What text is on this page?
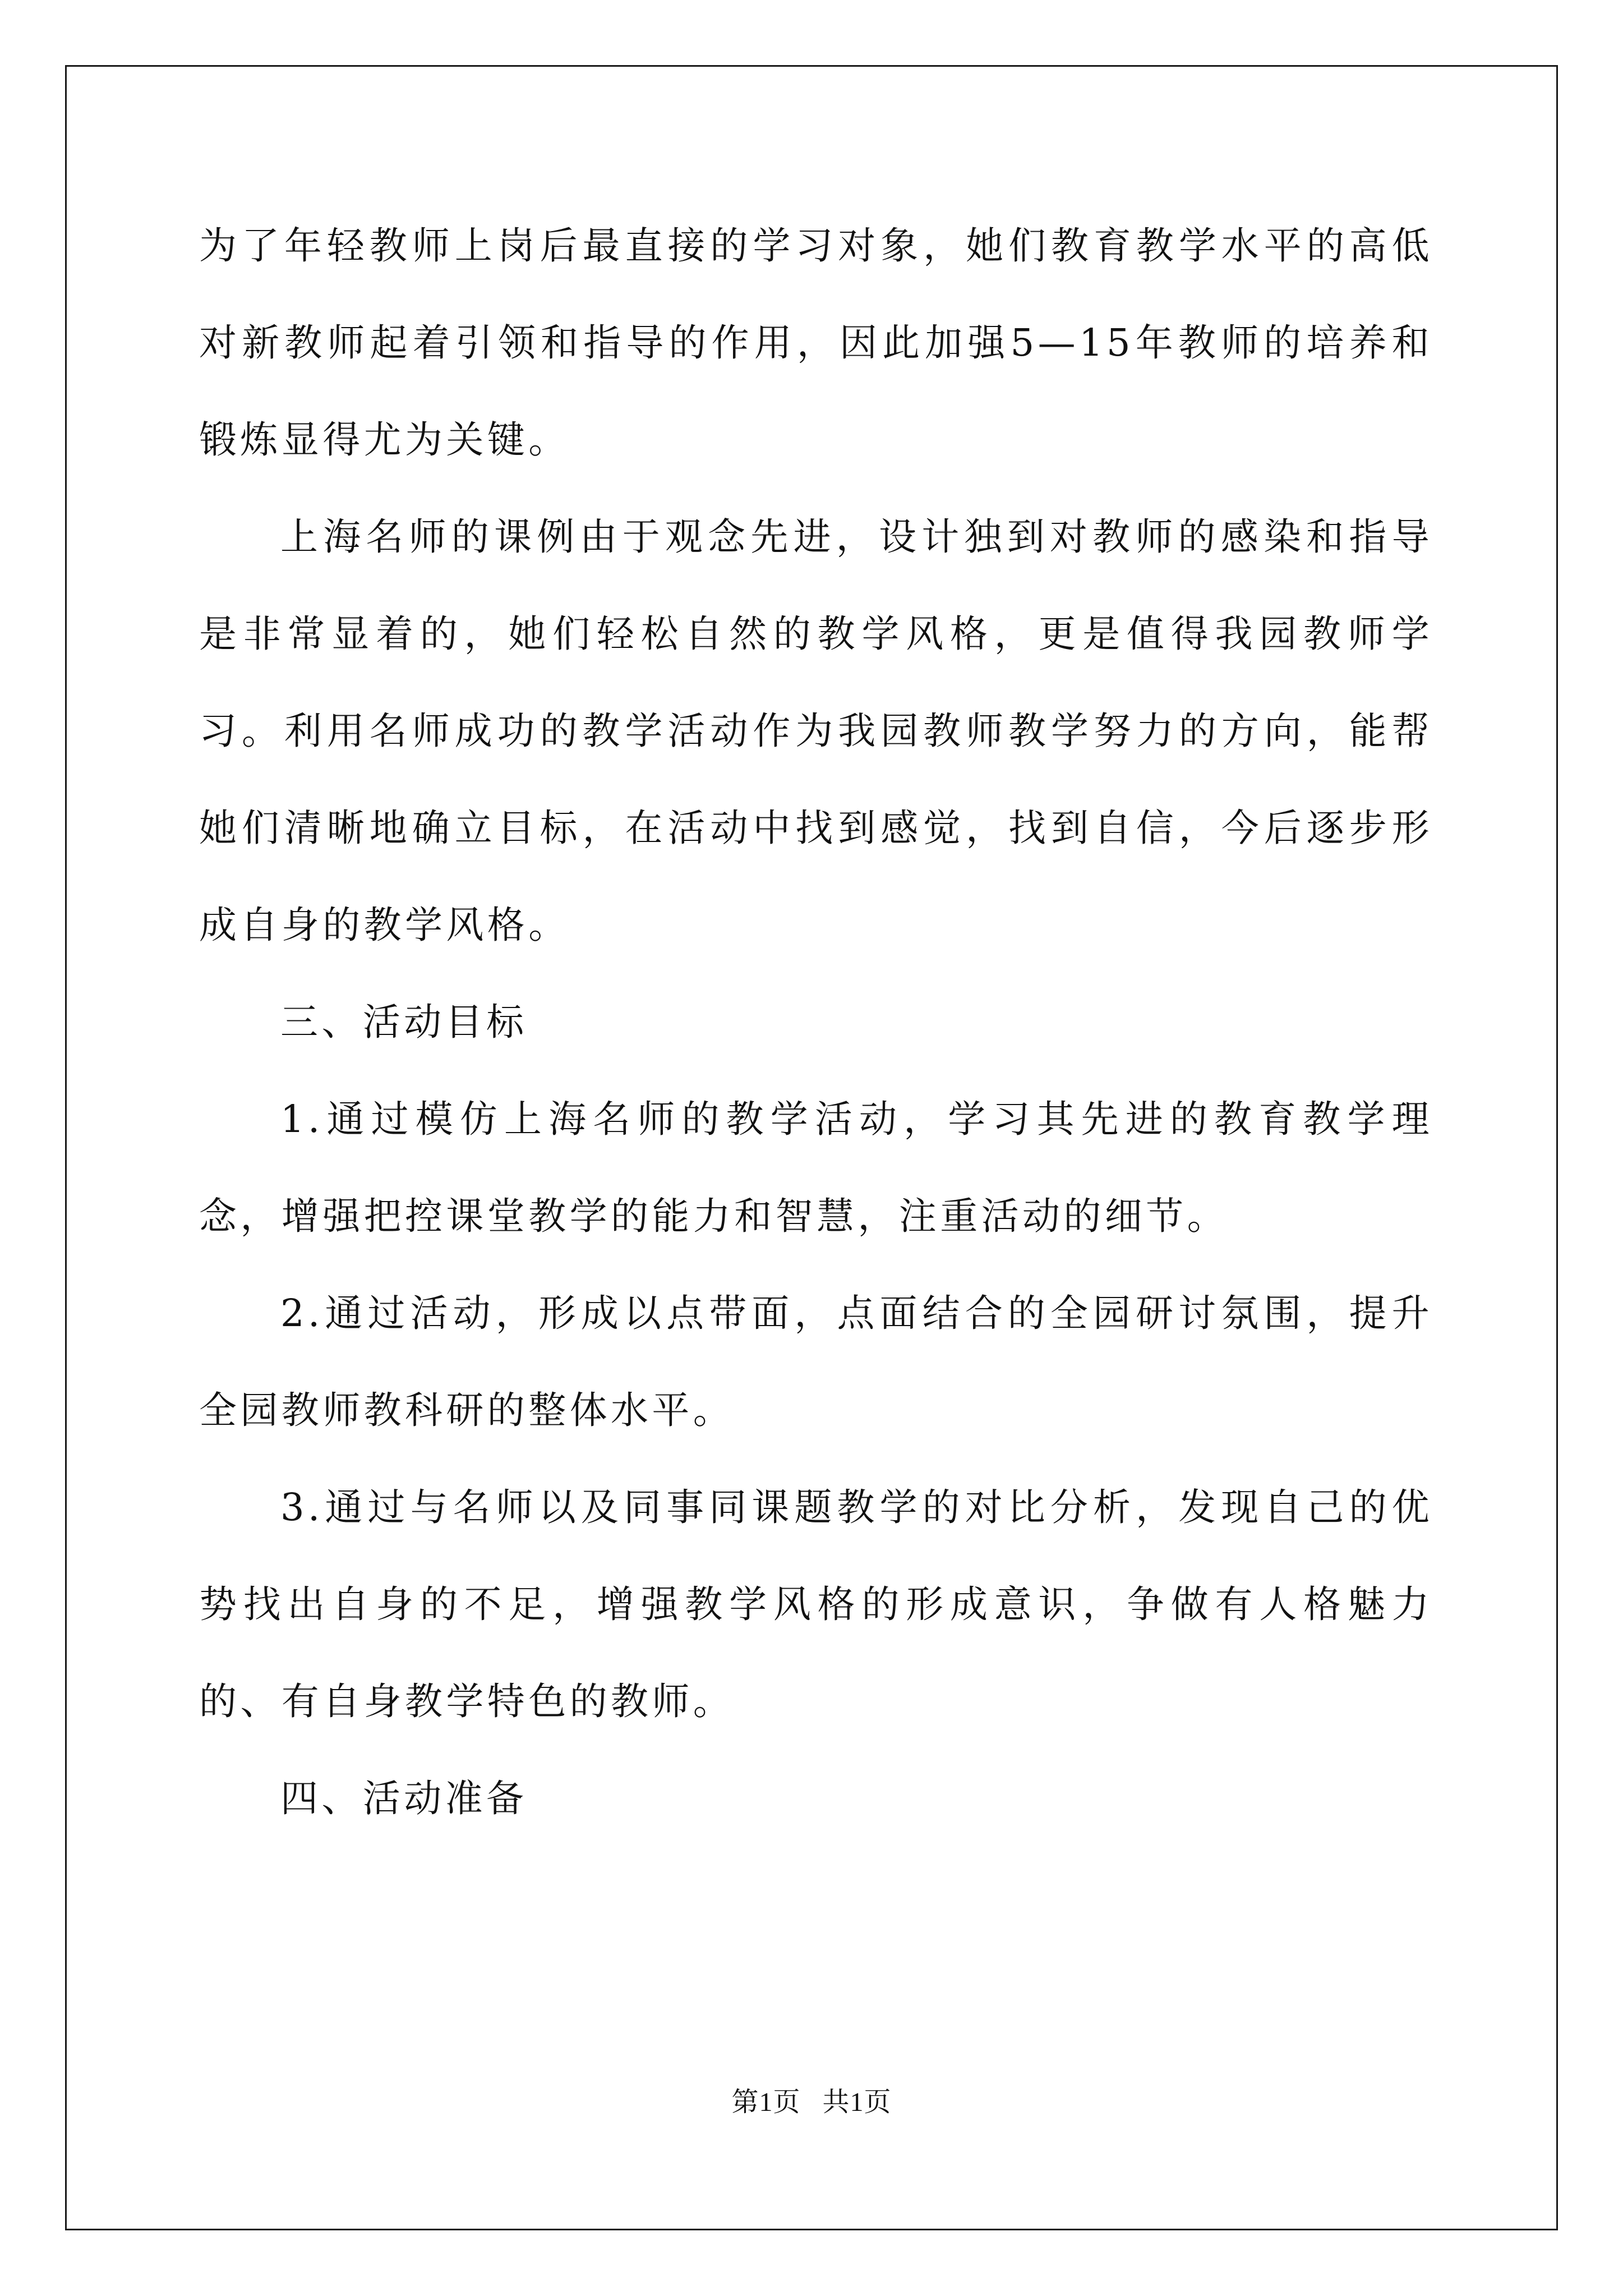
为了年轻教师上岗后最直接的学习对象，她们教育教学水平的高低对新教师起着引领和指导的作用，因此加强5—15年教师的培养和锻炼显得尤为关键。

上海名师的课例由于观念先进，设计独到对教师的感染和指导是非常显着的，她们轻松自然的教学风格，更是值得我园教师学习。利用名师成功的教学活动作为我园教师教学努力的方向，能帮她们清晰地确立目标，在活动中找到感觉，找到自信，今后逐步形成自身的教学风格。

三、活动目标

1.通过模仿上海名师的教学活动，学习其先进的教育教学理念，增强把控课堂教学的能力和智慧，注重活动的细节。

2.通过活动，形成以点带面，点面结合的全园研讨氛围，提升全园教师教科研的整体水平。

3.通过与名师以及同事同课题教学的对比分析，发现自己的优势找出自身的不足，增强教学风格的形成意识，争做有人格魅力的、有自身教学特色的教师。

四、活动准备

第1页   共1页
